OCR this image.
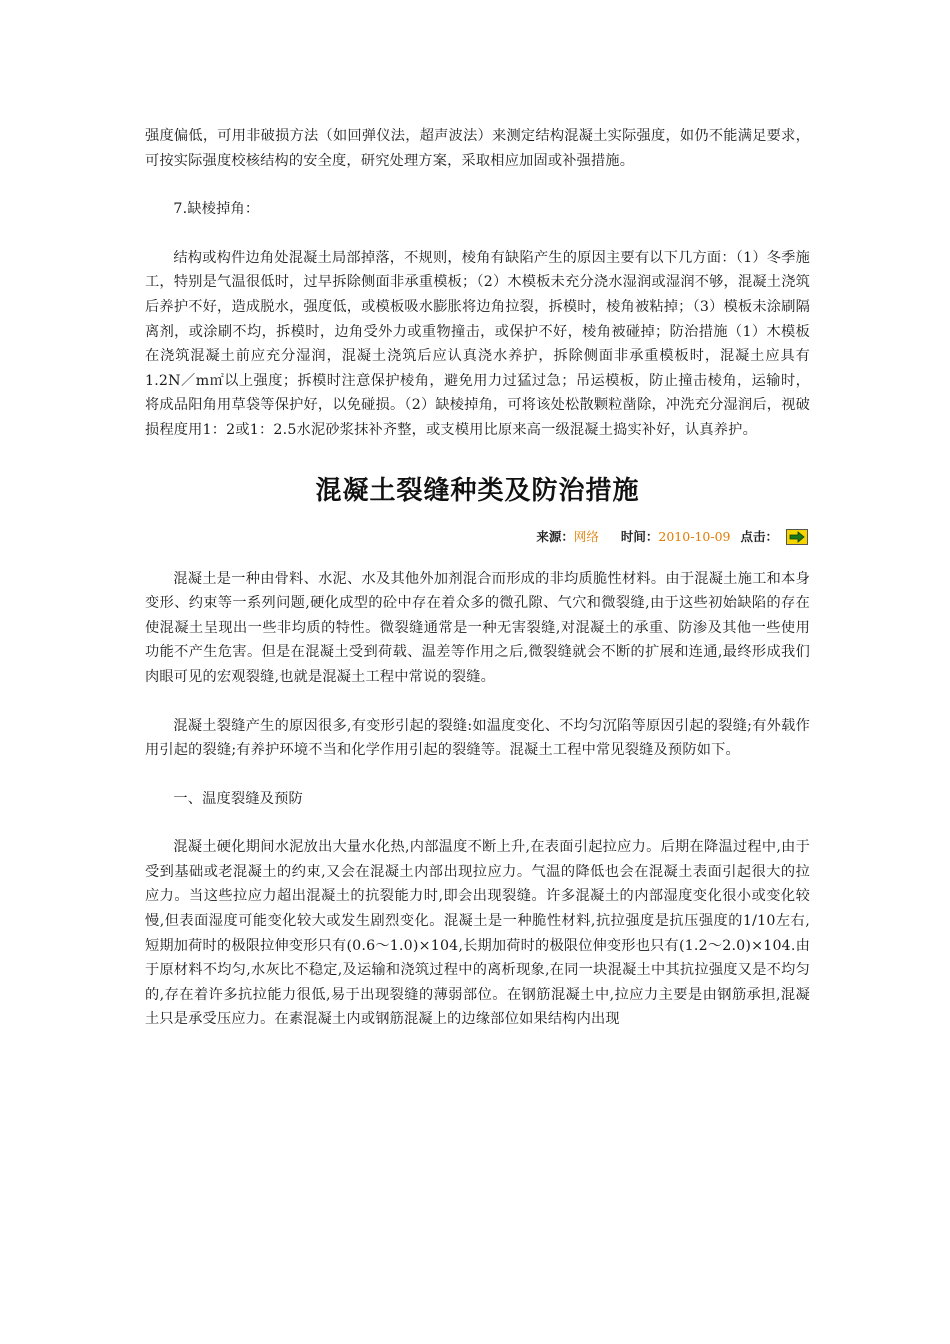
强度偏低，可用非破损方法（如回弹仪法，超声波法）来测定结构混凝土实际强度，如仍不能满足要求，可按实际强度校核结构的安全度，研究处理方案，采取相应加固或补强措施。

7.缺棱掉角：

结构或构件边角处混凝土局部掉落，不规则，棱角有缺陷产生的原因主要有以下几方面：（1）冬季施工，特别是气温很低时，过早拆除侧面非承重模板；（2）木模板未充分浇水湿润或湿润不够，混凝土浇筑后养护不好，造成脱水，强度低，或模板吸水膨胀将边角拉裂，拆模时，棱角被粘掉；（3）模板未涂刷隔离剂，或涂刷不均，拆模时，边角受外力或重物撞击，或保护不好，棱角被碰掉；防治措施（1）木模板在浇筑混凝土前应充分湿润，混凝土浇筑后应认真浇水养护，拆除侧面非承重模板时，混凝土应具有1.2N／m㎡以上强度；拆模时注意保护棱角，避免用力过猛过急；吊运模板，防止撞击棱角，运输时，将成品阳角用草袋等保护好，以免碰损。（2）缺棱掉角，可将该处松散颗粒凿除，冲洗充分湿润后，视破损程度用1：2或1：2.5水泥砂浆抹补齐整，或支模用比原来高一级混凝土捣实补好，认真养护。

混凝土裂缝种类及防治措施
来源： 网络 时间： 2010-10-09 点击：

混凝土是一种由骨料、水泥、水及其他外加剂混合而形成的非均质脆性材料。由于混凝土施工和本身变形、约束等一系列问题,硬化成型的砼中存在着众多的微孔隙、气穴和微裂缝,由于这些初始缺陷的存在使混凝土呈现出一些非均质的特性。微裂缝通常是一种无害裂缝,对混凝土的承重、防渗及其他一些使用功能不产生危害。但是在混凝土受到荷载、温差等作用之后,微裂缝就会不断的扩展和连通,最终形成我们肉眼可见的宏观裂缝,也就是混凝土工程中常说的裂缝。

混凝土裂缝产生的原因很多,有变形引起的裂缝:如温度变化、不均匀沉陷等原因引起的裂缝;有外载作用引起的裂缝;有养护环境不当和化学作用引起的裂缝等。混凝土工程中常见裂缝及预防如下。

一、温度裂缝及预防

混凝土硬化期间水泥放出大量水化热,内部温度不断上升,在表面引起拉应力。后期在降温过程中,由于受到基础或老混凝土的约束,又会在混凝土内部出现拉应力。气温的降低也会在混凝土表面引起很大的拉应力。当这些拉应力超出混凝土的抗裂能力时,即会出现裂缝。许多混凝土的内部湿度变化很小或变化较慢,但表面湿度可能变化较大或发生剧烈变化。混凝土是一种脆性材料,抗拉强度是抗压强度的1/10左右,短期加荷时的极限拉伸变形只有(0.6～1.0)×104,长期加荷时的极限位伸变形也只有(1.2～2.0)×104.由于原材料不均匀,水灰比不稳定,及运输和浇筑过程中的离析现象,在同一块混凝土中其抗拉强度又是不均匀的,存在着许多抗拉能力很低,易于出现裂缝的薄弱部位。在钢筋混凝土中,拉应力主要是由钢筋承担,混凝土只是承受压应力。在素混凝土内或钢筋混凝上的边缘部位如果结构内出现
